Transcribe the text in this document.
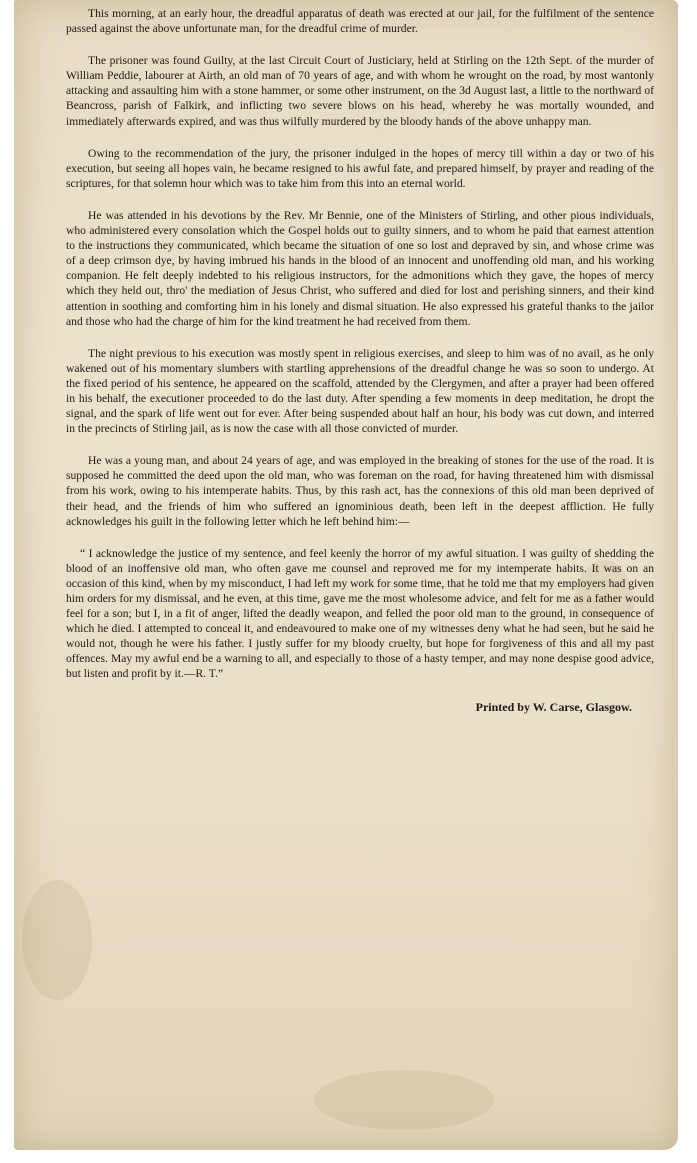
This morning, at an early hour, the dreadful apparatus of death was erected at our jail, for the fulfilment of the sentence passed against the above unfortunate man, for the dreadful crime of murder.

The prisoner was found Guilty, at the last Circuit Court of Justiciary, held at Stirling on the 12th Sept. of the murder of William Peddie, labourer at Airth, an old man of 70 years of age, and with whom he wrought on the road, by most wantonly attacking and assaulting him with a stone hammer, or some other instrument, on the 3d August last, a little to the northward of Beancross, parish of Falkirk, and inflicting two severe blows on his head, whereby he was mortally wounded, and immediately afterwards expired, and was thus wilfully murdered by the bloody hands of the above unhappy man.

Owing to the recommendation of the jury, the prisoner indulged in the hopes of mercy till within a day or two of his execution, but seeing all hopes vain, he became resigned to his awful fate, and prepared himself, by prayer and reading of the scriptures, for that solemn hour which was to take him from this into an eternal world.

He was attended in his devotions by the Rev. Mr Bennie, one of the Ministers of Stirling, and other pious individuals, who administered every consolation which the Gospel holds out to guilty sinners, and to whom he paid that earnest attention to the instructions they communicated, which became the situation of one so lost and depraved by sin, and whose crime was of a deep crimson dye, by having imbrued his hands in the blood of an innocent and unoffending old man, and his working companion. He felt deeply indebted to his religious instructors, for the admonitions which they gave, the hopes of mercy which they held out, thro' the mediation of Jesus Christ, who suffered and died for lost and perishing sinners, and their kind attention in soothing and comforting him in his lonely and dismal situation. He also expressed his grateful thanks to the jailor and those who had the charge of him for the kind treatment he had received from them.

The night previous to his execution was mostly spent in religious exercises, and sleep to him was of no avail, as he only wakened out of his momentary slumbers with startling apprehensions of the dreadful change he was so soon to undergo. At the fixed period of his sentence, he appeared on the scaffold, attended by the Clergymen, and after a prayer had been offered in his behalf, the executioner proceeded to do the last duty. After spending a few moments in deep meditation, he dropt the signal, and the spark of life went out for ever. After being suspended about half an hour, his body was cut down, and interred in the precincts of Stirling jail, as is now the case with all those convicted of murder.

He was a young man, and about 24 years of age, and was employed in the breaking of stones for the use of the road. It is supposed he committed the deed upon the old man, who was foreman on the road, for having threatened him with dismissal from his work, owing to his intemperate habits. Thus, by this rash act, has the connexions of this old man been deprived of their head, and the friends of him who suffered an ignominious death, been left in the deepest affliction. He fully acknowledges his guilt in the following letter which he left behind him:—

“ I acknowledge the justice of my sentence, and feel keenly the horror of my awful situation. I was guilty of shedding the blood of an inoffensive old man, who often gave me counsel and reproved me for my intemperate habits. It was on an occasion of this kind, when by my misconduct, I had left my work for some time, that he told me that my employers had given him orders for my dismissal, and he even, at this time, gave me the most wholesome advice, and felt for me as a father would feel for a son; but I, in a fit of anger, lifted the deadly weapon, and felled the poor old man to the ground, in consequence of which he died. I attempted to conceal it, and endeavoured to make one of my witnesses deny what he had seen, but he said he would not, though he were his father. I justly suffer for my bloody cruelty, but hope for forgiveness of this and all my past offences. May my awful end be a warning to all, and especially to those of a hasty temper, and may none despise good advice, but listen and profit by it.—R. T.”

Printed by W. Carse, Glasgow.
